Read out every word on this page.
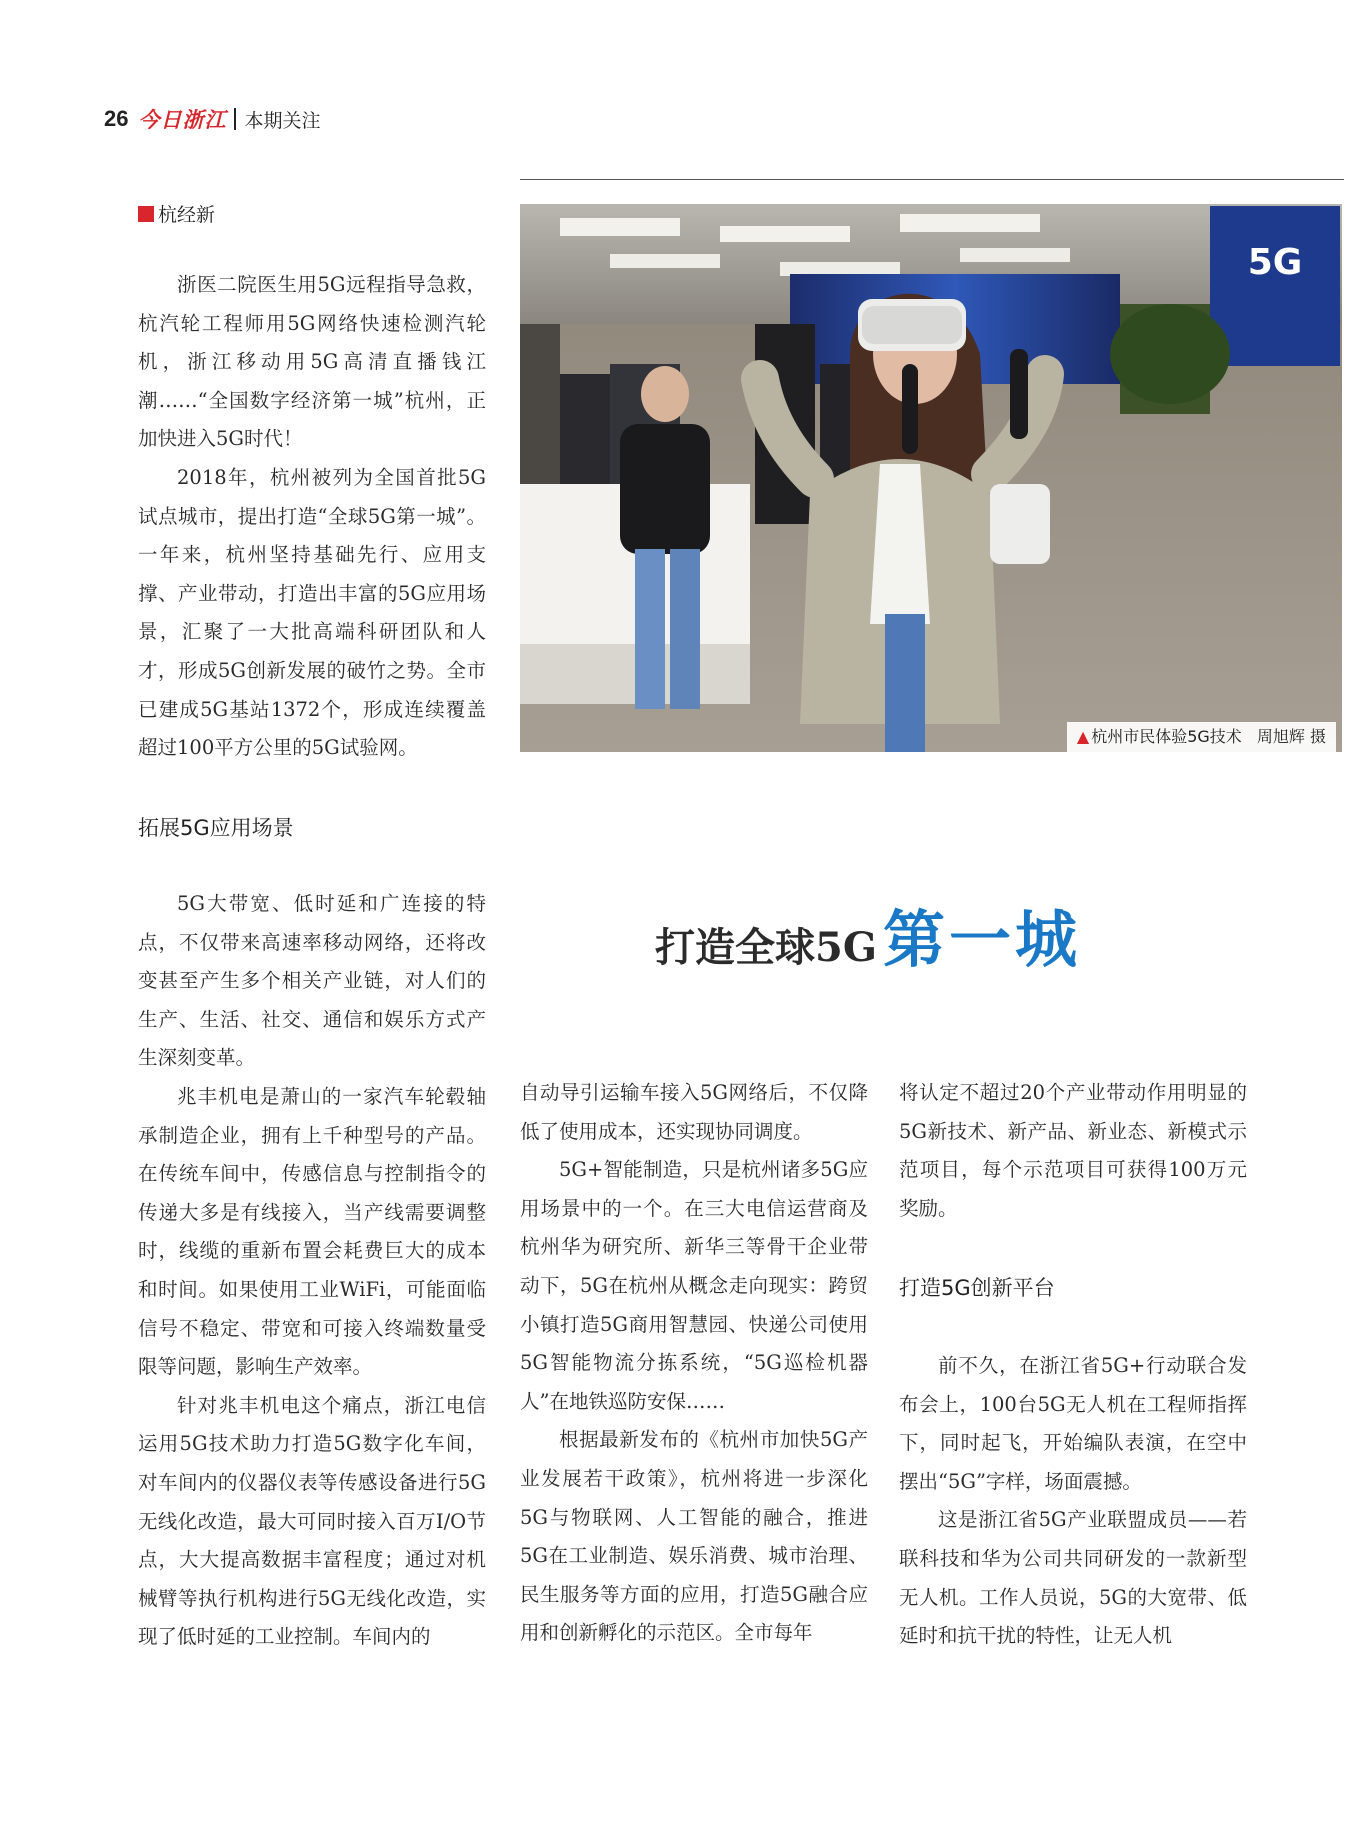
26 今日浙江 本期关注
杭经新

浙医二院医生用5G远程指导急救，杭汽轮工程师用5G网络快速检测汽轮机，浙江移动用5G高清直播钱江潮……“全国数字经济第一城”杭州，正加快进入5G时代！

2018年，杭州被列为全国首批5G试点城市，提出打造“全球5G第一城”。一年来，杭州坚持基础先行、应用支撑、产业带动，打造出丰富的5G应用场景，汇聚了一大批高端科研团队和人才，形成5G创新发展的破竹之势。全市已建成5G基站1372个，形成连续覆盖超过100平方公里的5G试验网。

拓展5G应用场景

5G大带宽、低时延和广连接的特点，不仅带来高速率移动网络，还将改变甚至产生多个相关产业链，对人们的生产、生活、社交、通信和娱乐方式产生深刻变革。

兆丰机电是萧山的一家汽车轮毂轴承制造企业，拥有上千种型号的产品。在传统车间中，传感信息与控制指令的传递大多是有线接入，当产线需要调整时，线缆的重新布置会耗费巨大的成本和时间。如果使用工业WiFi，可能面临信号不稳定、带宽和可接入终端数量受限等问题，影响生产效率。

针对兆丰机电这个痛点，浙江电信运用5G技术助力打造5G数字化车间，对车间内的仪器仪表等传感设备进行5G无线化改造，最大可同时接入百万I/O节点，大大提高数据丰富程度；通过对机械臂等执行机构进行5G无线化改造，实现了低时延的工业控制。车间内的

5G
▲ 杭州市民体验5G技术 周旭辉 摄
打造全球5G 第一城

自动导引运输车接入5G网络后，不仅降低了使用成本，还实现协同调度。

5G+智能制造，只是杭州诸多5G应用场景中的一个。在三大电信运营商及杭州华为研究所、新华三等骨干企业带动下，5G在杭州从概念走向现实：跨贸小镇打造5G商用智慧园、快递公司使用5G智能物流分拣系统，“5G巡检机器人”在地铁巡防安保……

根据最新发布的《杭州市加快5G产业发展若干政策》，杭州将进一步深化5G与物联网、人工智能的融合，推进5G在工业制造、娱乐消费、城市治理、民生服务等方面的应用，打造5G融合应用和创新孵化的示范区。全市每年

将认定不超过20个产业带动作用明显的5G新技术、新产品、新业态、新模式示范项目，每个示范项目可获得100万元奖励。

打造5G创新平台

前不久，在浙江省5G+行动联合发布会上，100台5G无人机在工程师指挥下，同时起飞，开始编队表演，在空中摆出“5G”字样，场面震撼。

这是浙江省5G产业联盟成员——若联科技和华为公司共同研发的一款新型无人机。工作人员说，5G的大宽带、低延时和抗干扰的特性，让无人机
